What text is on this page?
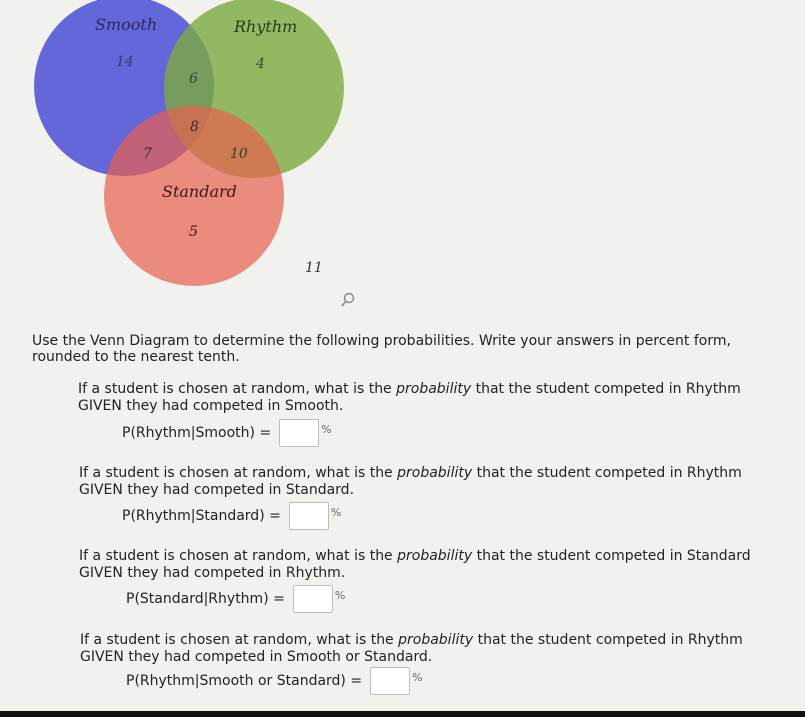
Smooth	Rhythm
Standard
14
6
4
7
8
10
5
11
Use the Venn Diagram to determine the following probabilities. Write your answers in percent form, rounded to the nearest tenth.
If a student is chosen at random, what is the probability that the student competed in Rhythm GIVEN they had competed in Smooth.
P(Rhythm|Smooth) =	%
If a student is chosen at random, what is the probability that the student competed in Rhythm GIVEN they had competed in Standard.
P(Rhythm|Standard) =	%
If a student is chosen at random, what is the probability that the student competed in Standard GIVEN they had competed in Rhythm.
P(Standard|Rhythm) =	%
If a student is chosen at random, what is the probability that the student competed in Rhythm GIVEN they had competed in Smooth or Standard.
P(Rhythm|Smooth or Standard) =	%
